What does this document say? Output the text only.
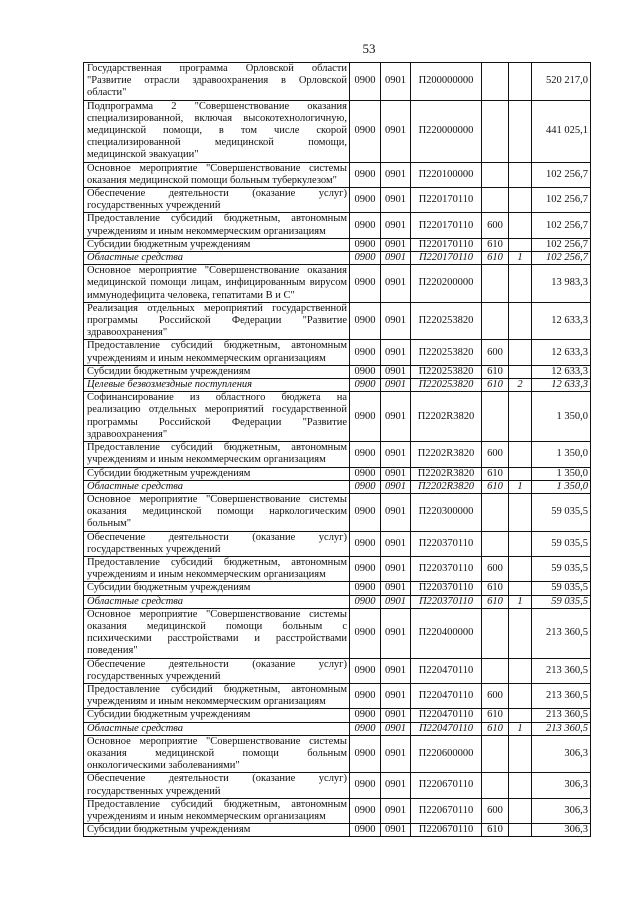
53
Государственная программа Орловской области
"Развитие отрасли здравоохранения в Орловской
области"	0900	0901	П200000000			520 217,0

Подпрограмма 2 "Совершенствование оказания
специализированной, включая высокотехнологичную,
медицинской помощи, в том числе скорой
специализированной медицинской помощи,
медицинской эвакуации"	0900	0901	П220000000			441 025,1

Основное мероприятие "Совершенствование системы
оказания медицинской помощи больным туберкулезом"	0900	0901	П220100000			102 256,7

Обеспечение деятельности (оказание услуг)
государственных учреждений	0900	0901	П220170110			102 256,7

Предоставление субсидий бюджетным, автономным
учреждениям и иным некоммерческим организациям	0900	0901	П220170110	600		102 256,7

Субсидии бюджетным учреждениям	0900	0901	П220170110	610		102 256,7

Областные средства	0900	0901	П220170110	610	1	102 256,7

Основное мероприятие "Совершенствование оказания
медицинской помощи лицам, инфицированным вирусом
иммунодефицита человека, гепатитами В и С"	0900	0901	П220200000			13 983,3

Реализация отдельных мероприятий государственной
программы Российской Федерации "Развитие
здравоохранения"	0900	0901	П220253820			12 633,3

Предоставление субсидий бюджетным, автономным
учреждениям и иным некоммерческим организациям	0900	0901	П220253820	600		12 633,3

Субсидии бюджетным учреждениям	0900	0901	П220253820	610		12 633,3

Целевые безвозмездные поступления	0900	0901	П220253820	610	2	12 633,3

Софинансирование из областного бюджета на
реализацию отдельных мероприятий государственной
программы Российской Федерации "Развитие
здравоохранения"	0900	0901	П2202R3820			1 350,0

Предоставление субсидий бюджетным, автономным
учреждениям и иным некоммерческим организациям	0900	0901	П2202R3820	600		1 350,0

Субсидии бюджетным учреждениям	0900	0901	П2202R3820	610		1 350,0

Областные средства	0900	0901	П2202R3820	610	1	1 350,0

Основное мероприятие "Совершенствование системы
оказания медицинской помощи наркологическим
больным"	0900	0901	П220300000			59 035,5

Обеспечение деятельности (оказание услуг)
государственных учреждений	0900	0901	П220370110			59 035,5

Предоставление субсидий бюджетным, автономным
учреждениям и иным некоммерческим организациям	0900	0901	П220370110	600		59 035,5

Субсидии бюджетным учреждениям	0900	0901	П220370110	610		59 035,5

Областные средства	0900	0901	П220370110	610	1	59 035,5

Основное мероприятие "Совершенствование системы
оказания медицинской помощи больным с
психическими расстройствами и расстройствами
поведения"	0900	0901	П220400000			213 360,5

Обеспечение деятельности (оказание услуг)
государственных учреждений	0900	0901	П220470110			213 360,5

Предоставление субсидий бюджетным, автономным
учреждениям и иным некоммерческим организациям	0900	0901	П220470110	600		213 360,5

Субсидии бюджетным учреждениям	0900	0901	П220470110	610		213 360,5

Областные средства	0900	0901	П220470110	610	1	213 360,5

Основное мероприятие "Совершенствование системы
оказания медицинской помощи больным
онкологическими заболеваниями"	0900	0901	П220600000			306,3

Обеспечение деятельности (оказание услуг)
государственных учреждений	0900	0901	П220670110			306,3

Предоставление субсидий бюджетным, автономным
учреждениям и иным некоммерческим организациям	0900	0901	П220670110	600		306,3

Субсидии бюджетным учреждениям	0900	0901	П220670110	610		306,3
